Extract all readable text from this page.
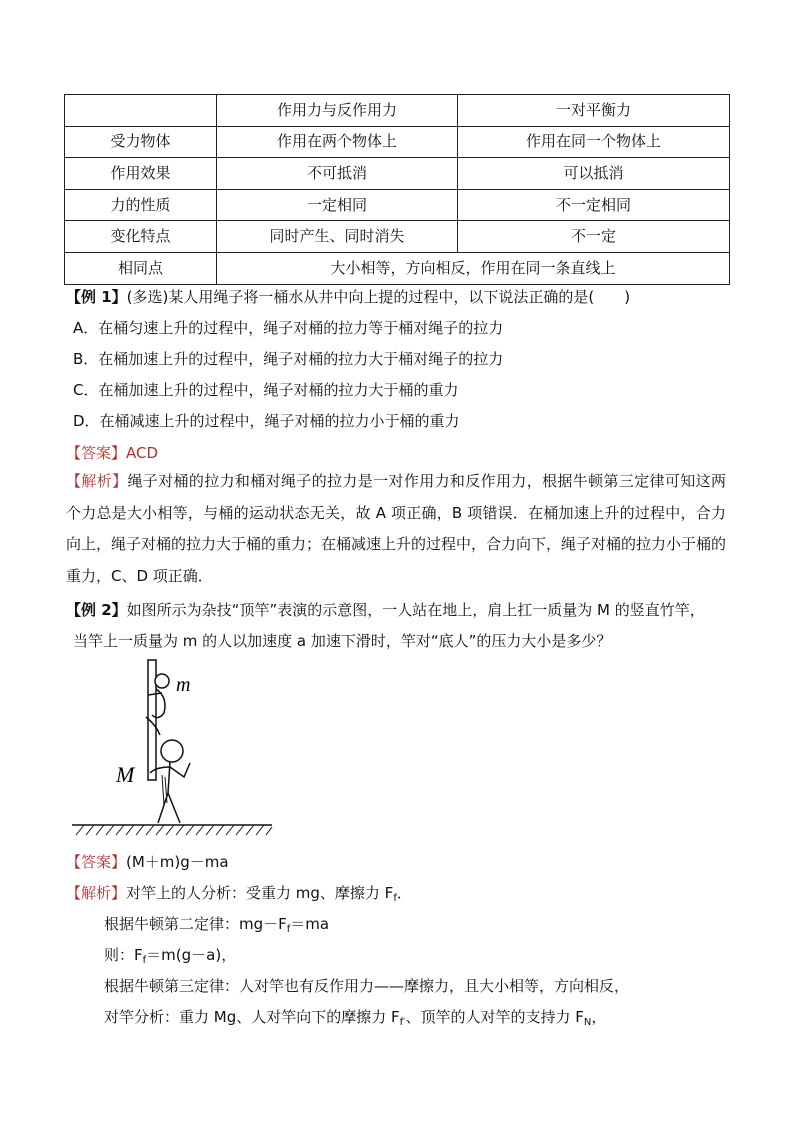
	作用力与反作用力	一对平衡力
受力物体	作用在两个物体上	作用在同一个物体上
作用效果	不可抵消	可以抵消
力的性质	一定相同	不一定相同
变化特点	同时产生、同时消失	不一定
相同点	大小相等，方向相反，作用在同一条直线上	
【例 1】(多选)某人用绳子将一桶水从井中向上提的过程中，以下说法正确的是(　　)
A．在桶匀速上升的过程中，绳子对桶的拉力等于桶对绳子的拉力
B．在桶加速上升的过程中，绳子对桶的拉力大于桶对绳子的拉力
C．在桶加速上升的过程中，绳子对桶的拉力大于桶的重力
D．在桶减速上升的过程中，绳子对桶的拉力小于桶的重力
【答案】ACD
【解析】绳子对桶的拉力和桶对绳子的拉力是一对作用力和反作用力，根据牛顿第三定律可知这两个力总是大小相等，与桶的运动状态无关，故 A 项正确，B 项错误．在桶加速上升的过程中，合力向上，绳子对桶的拉力大于桶的重力；在桶减速上升的过程中，合力向下，绳子对桶的拉力小于桶的重力，C、D 项正确．
【例 2】如图所示为杂技“顶竿”表演的示意图，一人站在地上，肩上扛一质量为 M 的竖直竹竿，
当竿上一质量为 m 的人以加速度 a 加速下滑时，竿对“底人”的压力大小是多少？
m
M
【答案】(M＋m)g－ma
【解析】对竿上的人分析：受重力 mg、摩擦力 $F_f$．
根据牛顿第二定律：$mg-F_f=ma$
则：$F_f=m(g-a)$，
根据牛顿第三定律：人对竿也有反作用力——摩擦力，且大小相等，方向相反，
对竿分析：重力 Mg、人对竿向下的摩擦力 $F_{f'}$、顶竿的人对竿的支持力 $F_N$，
